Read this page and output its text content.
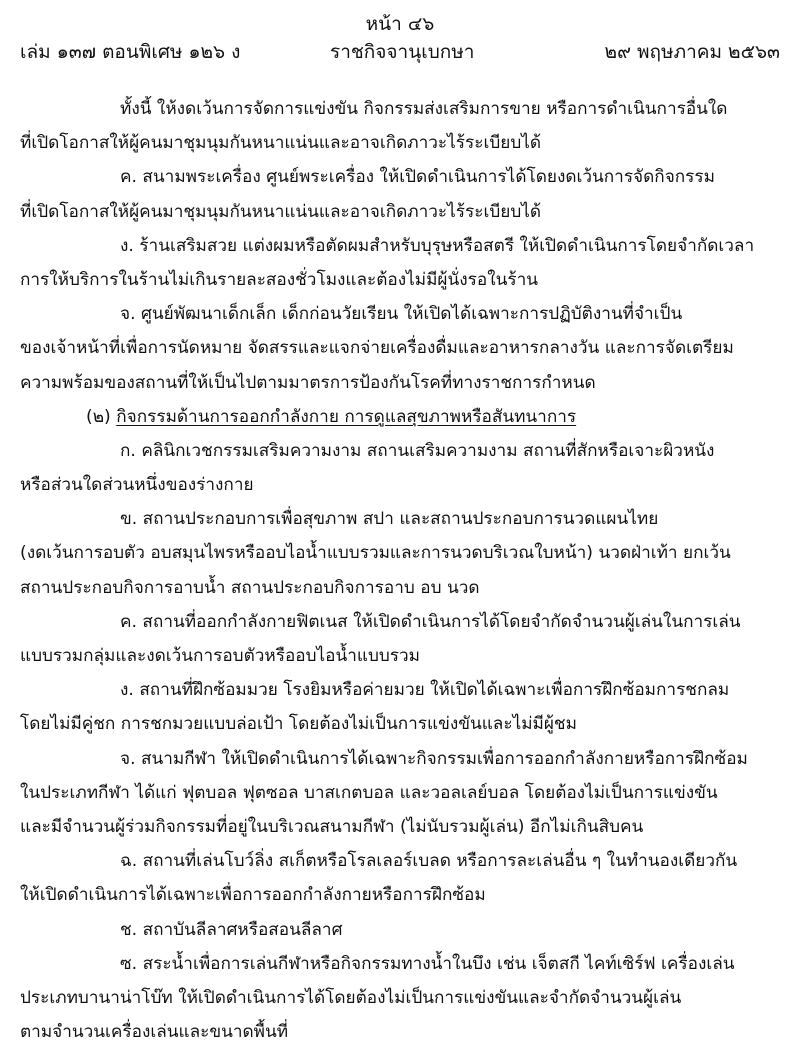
หน้า ๔๖
เล่ม ๑๓๗ ตอนพิเศษ ๑๒๖ ง	ราชกิจจานุเบกษา	๒๙ พฤษภาคม ๒๕๖๓
ทั้งนี้ ให้งดเว้นการจัดการแข่งขัน กิจกรรมส่งเสริมการขาย หรือการดำเนินการอื่นใด
ที่เปิดโอกาสให้ผู้คนมาชุมนุมกันหนาแน่นและอาจเกิดภาวะไร้ระเบียบได้
ค. สนามพระเครื่อง ศูนย์พระเครื่อง ให้เปิดดำเนินการได้โดยงดเว้นการจัดกิจกรรม
ที่เปิดโอกาสให้ผู้คนมาชุมนุมกันหนาแน่นและอาจเกิดภาวะไร้ระเบียบได้
ง. ร้านเสริมสวย แต่งผมหรือตัดผมสำหรับบุรุษหรือสตรี ให้เปิดดำเนินการโดยจำกัดเวลา
การให้บริการในร้านไม่เกินรายละสองชั่วโมงและต้องไม่มีผู้นั่งรอในร้าน
จ. ศูนย์พัฒนาเด็กเล็ก เด็กก่อนวัยเรียน ให้เปิดได้เฉพาะการปฏิบัติงานที่จำเป็น
ของเจ้าหน้าที่เพื่อการนัดหมาย จัดสรรและแจกจ่ายเครื่องดื่มและอาหารกลางวัน และการจัดเตรียม
ความพร้อมของสถานที่ให้เป็นไปตามมาตรการป้องกันโรคที่ทางราชการกำหนด
(๒) กิจกรรมด้านการออกกำลังกาย การดูแลสุขภาพหรือสันทนาการ
ก. คลินิกเวชกรรมเสริมความงาม สถานเสริมความงาม สถานที่สักหรือเจาะผิวหนัง
หรือส่วนใดส่วนหนึ่งของร่างกาย
ข. สถานประกอบการเพื่อสุขภาพ สปา และสถานประกอบการนวดแผนไทย
(งดเว้นการอบตัว อบสมุนไพรหรืออบไอน้ำแบบรวมและการนวดบริเวณใบหน้า) นวดฝ่าเท้า ยกเว้น
สถานประกอบกิจการอาบน้ำ สถานประกอบกิจการอาบ อบ นวด
ค. สถานที่ออกกำลังกายฟิตเนส ให้เปิดดำเนินการได้โดยจำกัดจำนวนผู้เล่นในการเล่น
แบบรวมกลุ่มและงดเว้นการอบตัวหรืออบไอน้ำแบบรวม
ง. สถานที่ฝึกซ้อมมวย โรงยิมหรือค่ายมวย ให้เปิดได้เฉพาะเพื่อการฝึกซ้อมการชกลม
โดยไม่มีคู่ชก การชกมวยแบบล่อเป้า โดยต้องไม่เป็นการแข่งขันและไม่มีผู้ชม
จ. สนามกีฬา ให้เปิดดำเนินการได้เฉพาะกิจกรรมเพื่อการออกกำลังกายหรือการฝึกซ้อม
ในประเภทกีฬา ได้แก่ ฟุตบอล ฟุตซอล บาสเกตบอล และวอลเลย์บอล โดยต้องไม่เป็นการแข่งขัน
และมีจำนวนผู้ร่วมกิจกรรมที่อยู่ในบริเวณสนามกีฬา (ไม่นับรวมผู้เล่น) อีกไม่เกินสิบคน
ฉ. สถานที่เล่นโบว์ลิ่ง สเก็ตหรือโรลเลอร์เบลด หรือการละเล่นอื่น ๆ ในทำนองเดียวกัน
ให้เปิดดำเนินการได้เฉพาะเพื่อการออกกำลังกายหรือการฝึกซ้อม
ช. สถาบันลีลาศหรือสอนลีลาศ
ซ. สระน้ำเพื่อการเล่นกีฬาหรือกิจกรรมทางน้ำในบึง เช่น เจ็ตสกี ไคท์เซิร์ฟ เครื่องเล่น
ประเภทบานาน่าโบ๊ท ให้เปิดดำเนินการได้โดยต้องไม่เป็นการแข่งขันและจำกัดจำนวนผู้เล่น
ตามจำนวนเครื่องเล่นและขนาดพื้นที่
